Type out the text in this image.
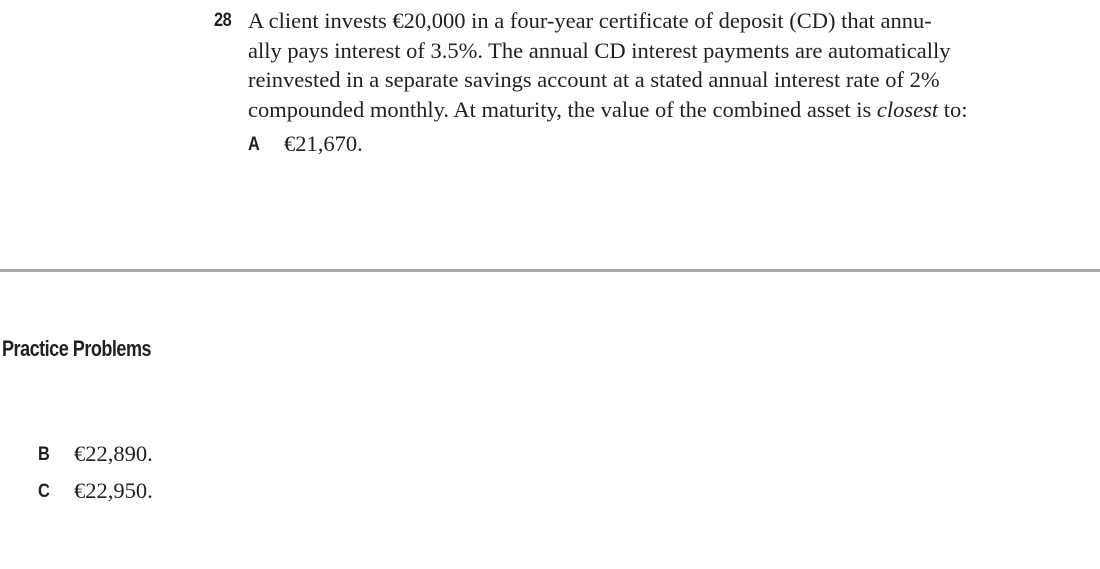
28 A client invests €20,000 in a four-year certificate of deposit (CD) that annu-
ally pays interest of 3.5%. The annual CD interest payments are automatically
reinvested in a separate savings account at a stated annual interest rate of 2%
compounded monthly. At maturity, the value of the combined asset is closest to:
A €21,670.
Practice Problems
B €22,890.
C €22,950.
